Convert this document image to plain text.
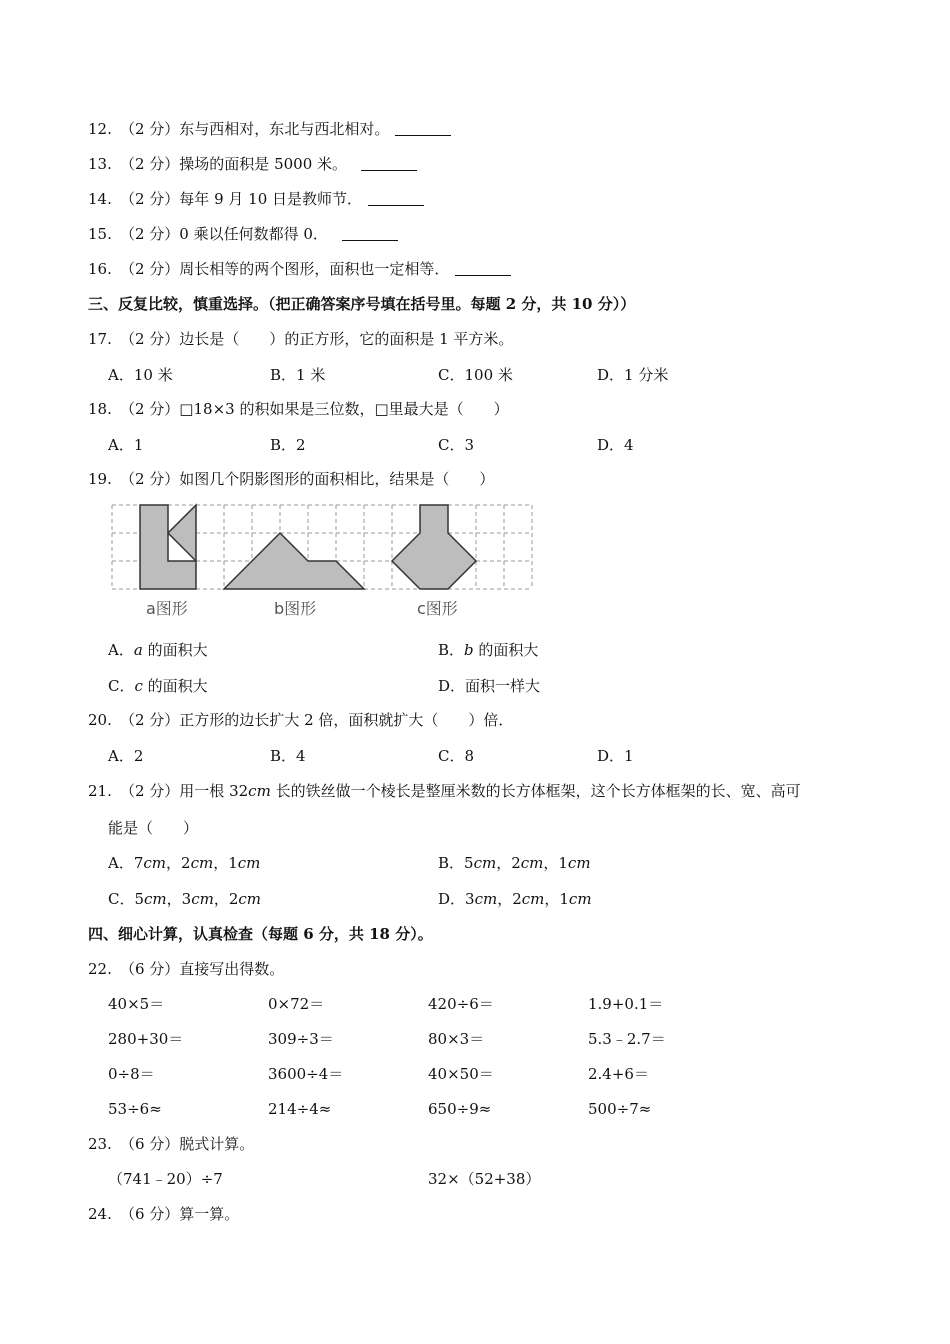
12. （2 分）东与西相对，东北与西北相对。
13. （2 分）操场的面积是 5000 米。
14. （2 分）每年 9 月 10 日是教师节．
15. （2 分）0 乘以任何数都得 0．
16. （2 分）周长相等的两个图形，面积也一定相等．
三、反复比较，慎重选择。（把正确答案序号填在括号里。每题 2 分，共 10 分））
17. （2 分）边长是（　　）的正方形，它的面积是 1 平方米。
A．10 米	B．1 米	C．100 米	D．1 分米
18. （2 分）□18×3 的积如果是三位数，□里最大是（　　）
A．1	B．2	C．3	D．4
19. （2 分）如图几个阴影图形的面积相比，结果是（　　）
a图形	b图形	c图形
A．a 的面积大	B．b 的面积大
C．c 的面积大	D．面积一样大
20. （2 分）正方形的边长扩大 2 倍，面积就扩大（　　）倍．
A．2	B．4	C．8	D．1
21. （2 分）用一根 32cm 长的铁丝做一个棱长是整厘米数的长方体框架，这个长方体框架的长、宽、高可
能是（　　）
A．7cm，2cm，1cm	B．5cm，2cm，1cm
C．5cm，3cm，2cm	D．3cm，2cm，1cm
四、细心计算，认真检查（每题 6 分，共 18 分）。
22. （6 分）直接写出得数。
40×5＝	0×72＝	420÷6＝	1.9+0.1＝
280+30＝	309÷3＝	80×3＝	5.3﹣2.7＝
0÷8＝	3600÷4＝	40×50＝	2.4+6＝
53÷6≈	214÷4≈	650÷9≈	500÷7≈
23. （6 分）脱式计算。
（741﹣20）÷7	32×（52+38）
24. （6 分）算一算。
